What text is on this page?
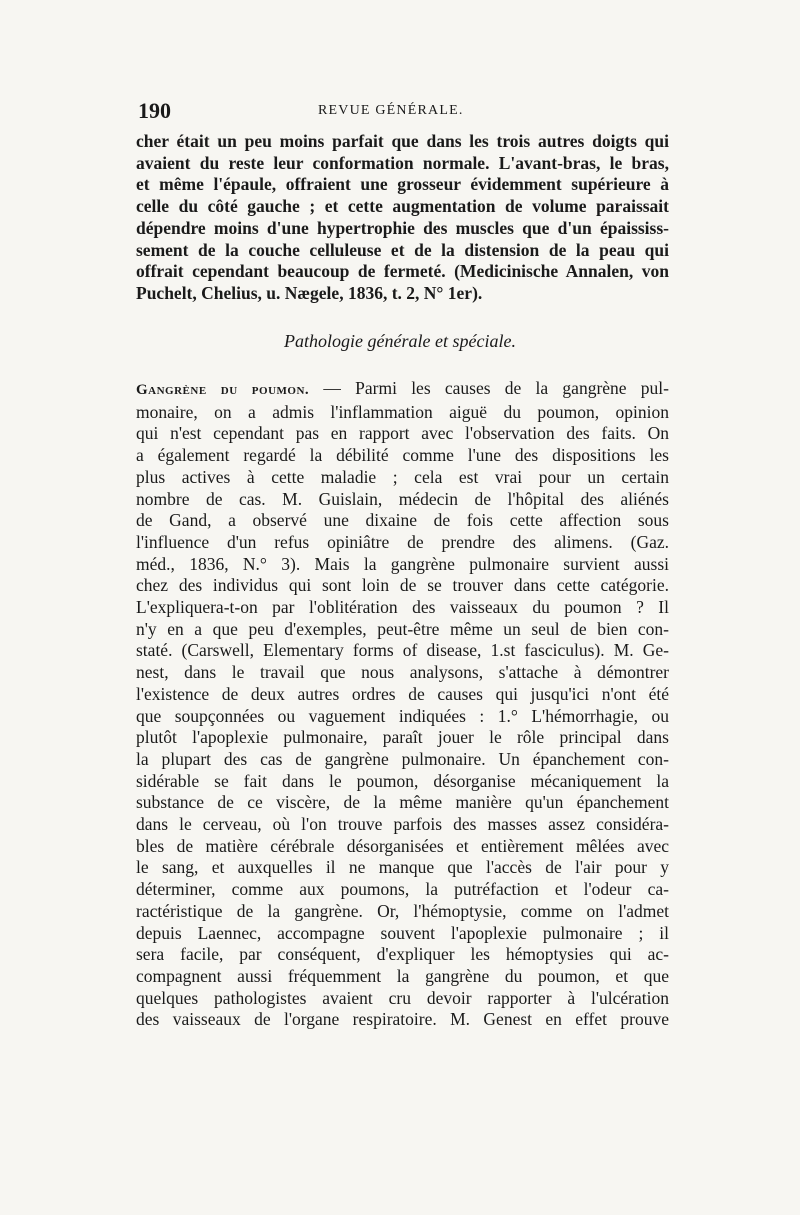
190	REVUE GÉNÉRALE.
cher était un peu moins parfait que dans les trois autres doigts qui
avaient du reste leur conformation normale. L'avant-bras, le bras,
et même l'épaule, offraient une grosseur évidemment supérieure à
celle du côté gauche ; et cette augmentation de volume paraissait
dépendre moins d'une hypertrophie des muscles que d'un épaississ-
sement de la couche celluleuse et de la distension de la peau qui
offrait cependant beaucoup de fermeté. (Medicinische Annalen, von
Puchelt, Chelius, u. Nægele, 1836, t. 2, N° 1er).
Pathologie générale et spéciale.
Gangrène du poumon. — Parmi les causes de la gangrène pul-
monaire, on a admis l'inflammation aiguë du poumon, opinion
qui n'est cependant pas en rapport avec l'observation des faits. On
a également regardé la débilité comme l'une des dispositions les
plus actives à cette maladie ; cela est vrai pour un certain
nombre de cas. M. Guislain, médecin de l'hôpital des aliénés
de Gand, a observé une dixaine de fois cette affection sous
l'influence d'un refus opiniâtre de prendre des alimens. (Gaz.
méd., 1836, N.° 3). Mais la gangrène pulmonaire survient aussi
chez des individus qui sont loin de se trouver dans cette catégorie.
L'expliquera-t-on par l'oblitération des vaisseaux du poumon ? Il
n'y en a que peu d'exemples, peut-être même un seul de bien con-
staté. (Carswell, Elementary forms of disease, 1.st fasciculus). M. Ge-
nest, dans le travail que nous analysons, s'attache à démontrer
l'existence de deux autres ordres de causes qui jusqu'ici n'ont été
que soupçonnées ou vaguement indiquées : 1.° L'hémorrhagie, ou
plutôt l'apoplexie pulmonaire, paraît jouer le rôle principal dans
la plupart des cas de gangrène pulmonaire. Un épanchement con-
sidérable se fait dans le poumon, désorganise mécaniquement la
substance de ce viscère, de la même manière qu'un épanchement
dans le cerveau, où l'on trouve parfois des masses assez considéra-
bles de matière cérébrale désorganisées et entièrement mêlées avec
le sang, et auxquelles il ne manque que l'accès de l'air pour y
déterminer, comme aux poumons, la putréfaction et l'odeur ca-
ractéristique de la gangrène. Or, l'hémoptysie, comme on l'admet
depuis Laennec, accompagne souvent l'apoplexie pulmonaire ; il
sera facile, par conséquent, d'expliquer les hémoptysies qui ac-
compagnent aussi fréquemment la gangrène du poumon, et que
quelques pathologistes avaient cru devoir rapporter à l'ulcération
des vaisseaux de l'organe respiratoire. M. Genest en effet prouve
